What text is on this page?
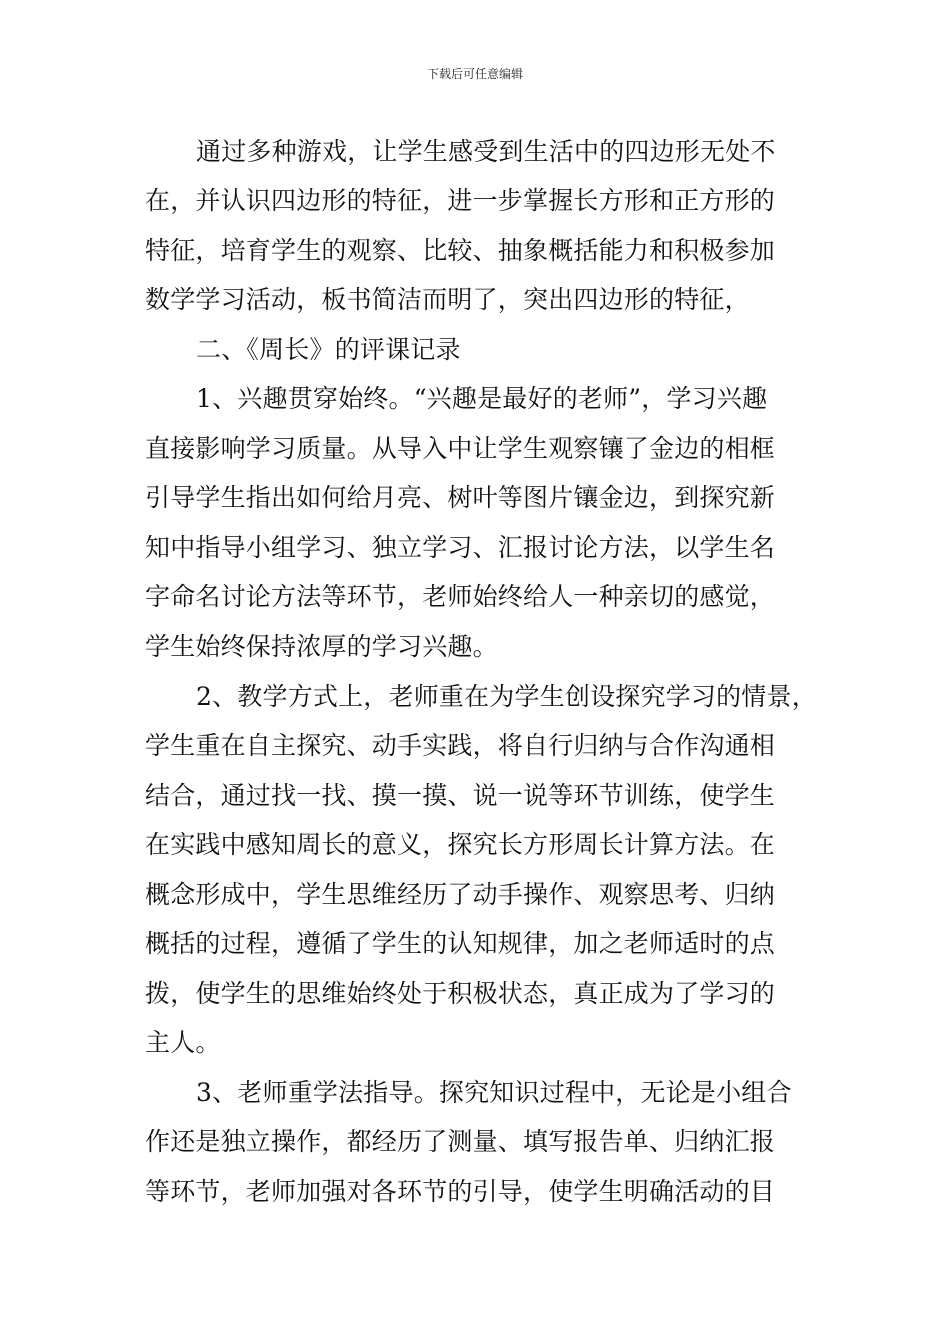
下载后可任意编辑
通过多种游戏，让学生感受到生活中的四边形无处不
在，并认识四边形的特征，进一步掌握长方形和正方形的
特征，培育学生的观察、比较、抽象概括能力和积极参加
数学学习活动，板书简洁而明了，突出四边形的特征，
二、《周长》的评课记录
1、兴趣贯穿始终。“兴趣是最好的老师”，学习兴趣
直接影响学习质量。从导入中让学生观察镶了金边的相框
引导学生指出如何给月亮、树叶等图片镶金边，到探究新
知中指导小组学习、独立学习、汇报讨论方法，以学生名
字命名讨论方法等环节，老师始终给人一种亲切的感觉，
学生始终保持浓厚的学习兴趣。
2、教学方式上，老师重在为学生创设探究学习的情景，
学生重在自主探究、动手实践，将自行归纳与合作沟通相
结合，通过找一找、摸一摸、说一说等环节训练，使学生
在实践中感知周长的意义，探究长方形周长计算方法。在
概念形成中，学生思维经历了动手操作、观察思考、归纳
概括的过程，遵循了学生的认知规律，加之老师适时的点
拨，使学生的思维始终处于积极状态，真正成为了学习的
主人。
3、老师重学法指导。探究知识过程中，无论是小组合
作还是独立操作，都经历了测量、填写报告单、归纳汇报
等环节，老师加强对各环节的引导，使学生明确活动的目
